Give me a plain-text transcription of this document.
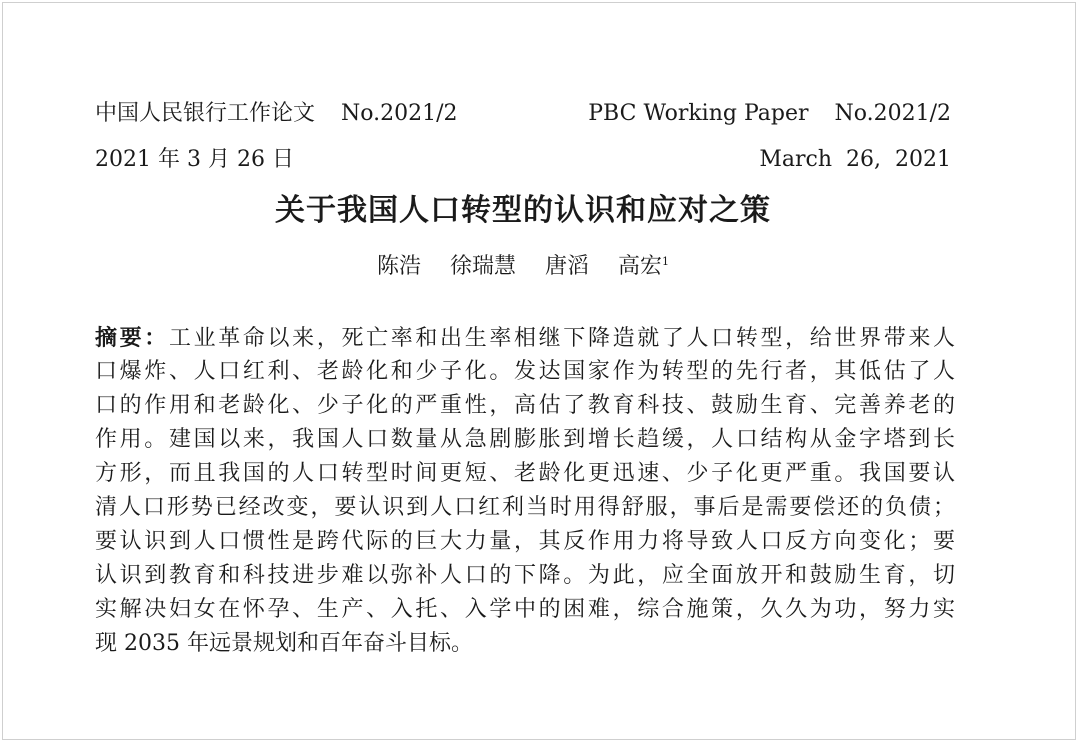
中国人民银行工作论文 No.2021/2	PBC Working Paper No.2021/2
2021 年 3 月 26 日	March  26,  2021
关于我国人口转型的认识和应对之策
陈浩 徐瑞慧 唐滔 高宏$^1$
摘要：工业革命以来，死亡率和出生率相继下降造就了人口转型，给世界带来人
口爆炸、人口红利、老龄化和少子化。发达国家作为转型的先行者，其低估了人
口的作用和老龄化、少子化的严重性，高估了教育科技、鼓励生育、完善养老的
作用。建国以来，我国人口数量从急剧膨胀到增长趋缓，人口结构从金字塔到长
方形，而且我国的人口转型时间更短、老龄化更迅速、少子化更严重。我国要认
清人口形势已经改变，要认识到人口红利当时用得舒服，事后是需要偿还的负债；
要认识到人口惯性是跨代际的巨大力量，其反作用力将导致人口反方向变化；要
认识到教育和科技进步难以弥补人口的下降。为此，应全面放开和鼓励生育，切
实解决妇女在怀孕、生产、入托、入学中的困难，综合施策，久久为功，努力实
现 2035 年远景规划和百年奋斗目标。
